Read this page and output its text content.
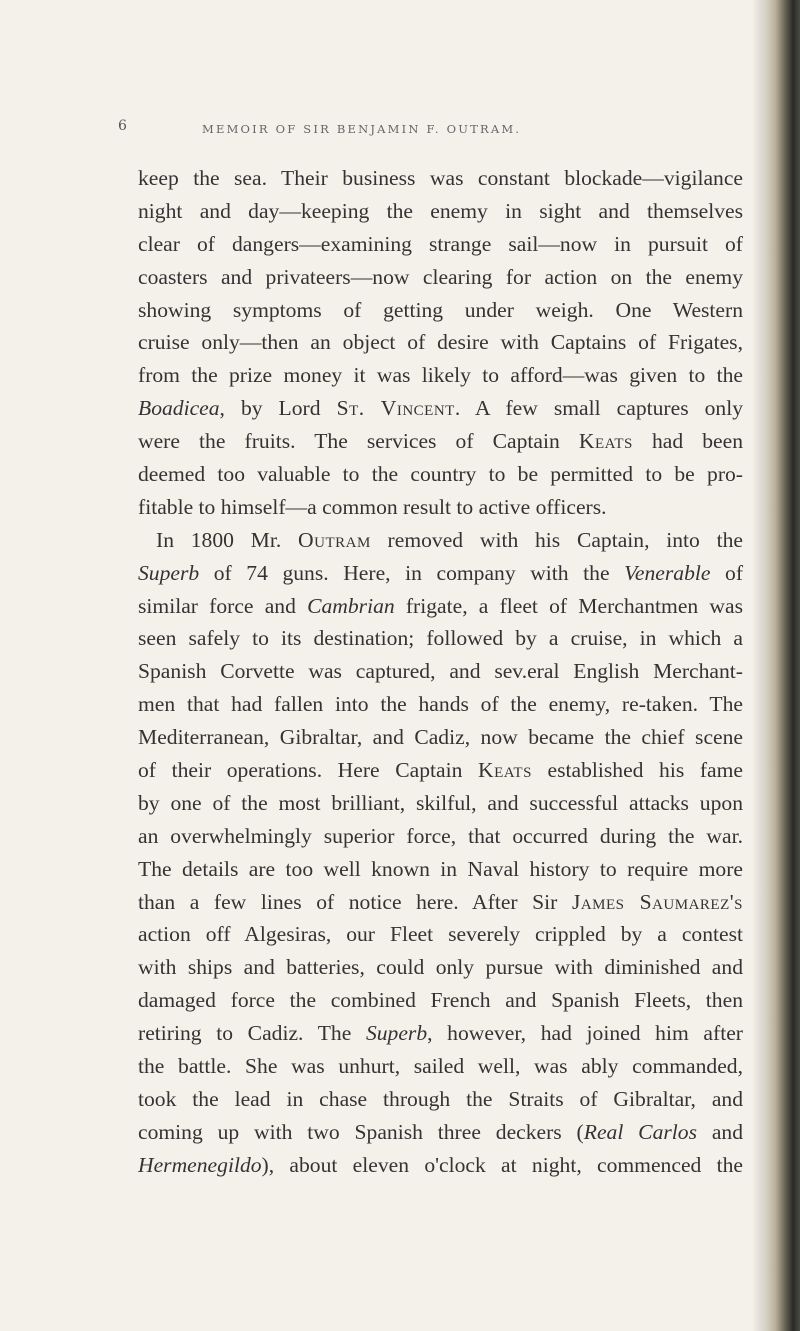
6	MEMOIR OF SIR BENJAMIN F. OUTRAM.
keep the sea. Their business was constant blockade—vigilance
night and day—keeping the enemy in sight and themselves
clear of dangers—examining strange sail—now in pursuit of
coasters and privateers—now clearing for action on the enemy
showing symptoms of getting under weigh. One Western
cruise only—then an object of desire with Captains of Frigates,
from the prize money it was likely to afford—was given to the
Boadicea, by Lord St. Vincent. A few small captures only
were the fruits. The services of Captain Keats had been
deemed too valuable to the country to be permitted to be pro-
fitable to himself—a common result to active officers.
In 1800 Mr. Outram removed with his Captain, into the
Superb of 74 guns. Here, in company with the Venerable of
similar force and Cambrian frigate, a fleet of Merchantmen was
seen safely to its destination; followed by a cruise, in which a
Spanish Corvette was captured, and sev.eral English Merchant-
men that had fallen into the hands of the enemy, re-taken. The
Mediterranean, Gibraltar, and Cadiz, now became the chief scene
of their operations. Here Captain Keats established his fame
by one of the most brilliant, skilful, and successful attacks upon
an overwhelmingly superior force, that occurred during the war.
The details are too well known in Naval history to require more
than a few lines of notice here. After Sir James Saumarez's
action off Algesiras, our Fleet severely crippled by a contest
with ships and batteries, could only pursue with diminished and
damaged force the combined French and Spanish Fleets, then
retiring to Cadiz. The Superb, however, had joined him after
the battle. She was unhurt, sailed well, was ably commanded,
took the lead in chase through the Straits of Gibraltar, and
coming up with two Spanish three deckers (Real Carlos and
Hermenegildo), about eleven o'clock at night, commenced the
